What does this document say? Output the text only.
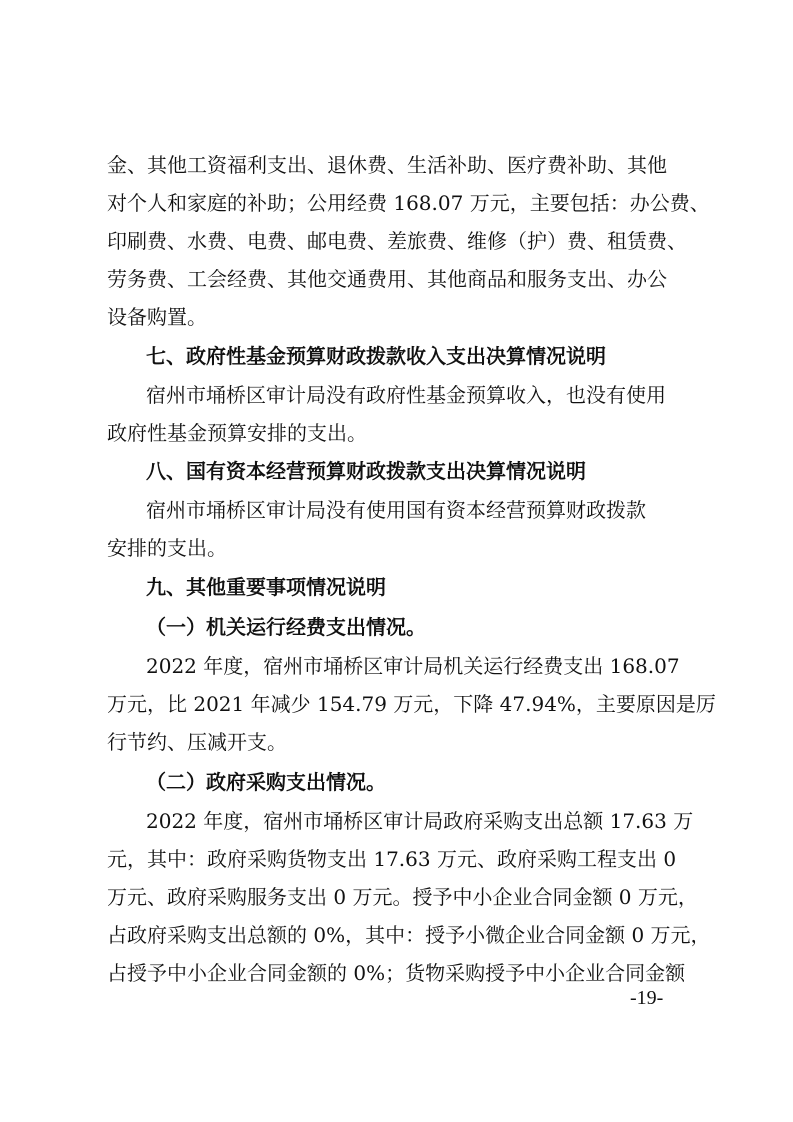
金、其他工资福利支出、退休费、生活补助、医疗费补助、其他
对个人和家庭的补助；公用经费 168.07 万元，主要包括：办公费、
印刷费、水费、电费、邮电费、差旅费、维修（护）费、租赁费、
劳务费、工会经费、其他交通费用、其他商品和服务支出、办公
设备购置。
七、政府性基金预算财政拨款收入支出决算情况说明
宿州市埇桥区审计局没有政府性基金预算收入，也没有使用
政府性基金预算安排的支出。
八、国有资本经营预算财政拨款支出决算情况说明
宿州市埇桥区审计局没有使用国有资本经营预算财政拨款
安排的支出。
九、其他重要事项情况说明
（一）机关运行经费支出情况。
2022 年度，宿州市埇桥区审计局机关运行经费支出 168.07
万元，比 2021 年减少 154.79 万元，下降 47.94%，主要原因是厉
行节约、压减开支。
（二）政府采购支出情况。
2022 年度，宿州市埇桥区审计局政府采购支出总额 17.63 万
元，其中：政府采购货物支出 17.63 万元、政府采购工程支出 0
万元、政府采购服务支出 0 万元。授予中小企业合同金额 0 万元，
占政府采购支出总额的 0%，其中：授予小微企业合同金额 0 万元，
占授予中小企业合同金额的 0%；货物采购授予中小企业合同金额
-19-
